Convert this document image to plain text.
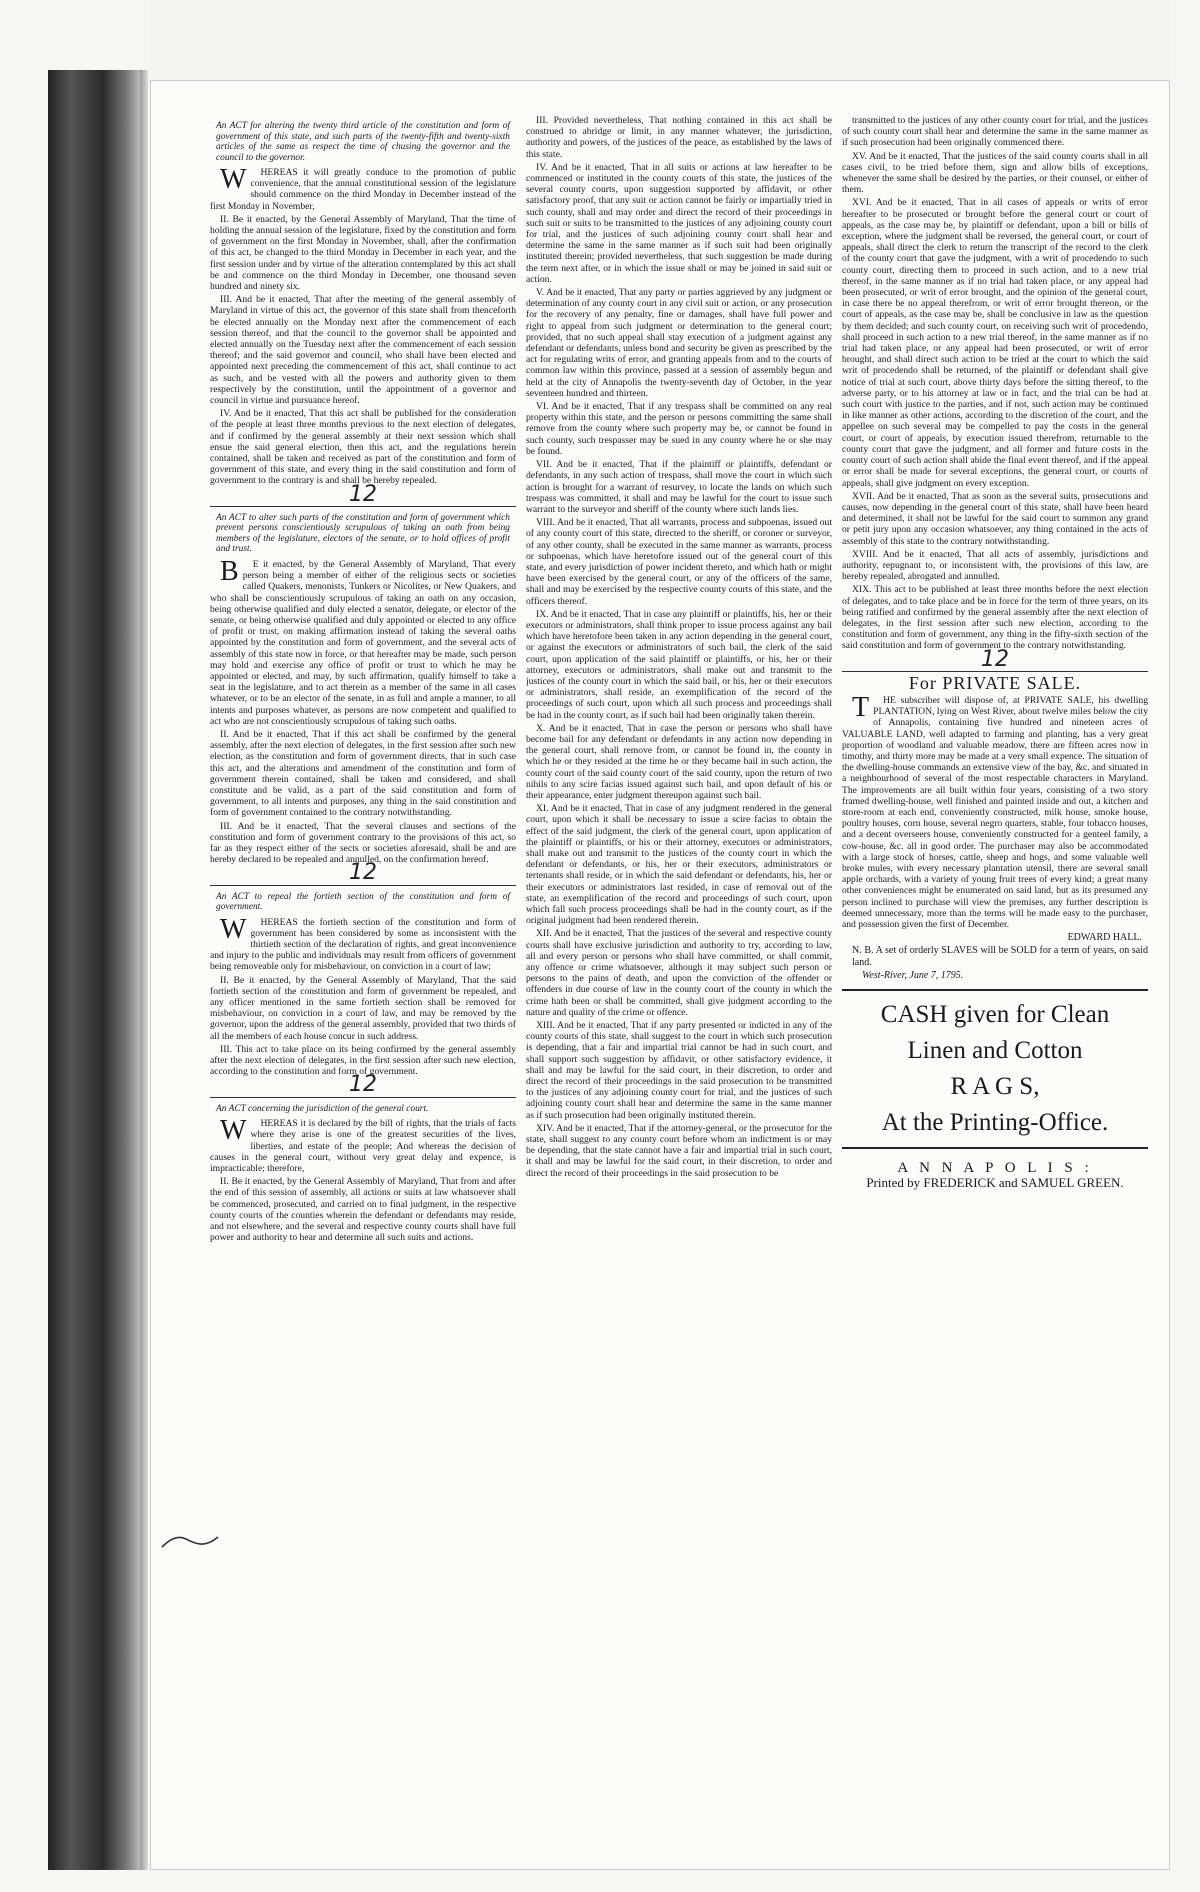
An ACT for altering the twenty third article of the constitution and form of government of this state, and such parts of the twenty-fifth and twenty-sixth articles of the same as respect the time of chusing the governor and the council to the governor.

W HEREAS it will greatly conduce to the promotion of public convenience, that the annual constitutional session of the legislature should commence on the third Monday in December instead of the first Monday in November,

II. Be it enacted, by the General Assembly of Maryland, That the time of holding the annual session of the legislature, fixed by the constitution and form of government on the first Monday in November, shall, after the confirmation of this act, be changed to the third Monday in December in each year, and the first session under and by virtue of the alteration contemplated by this act shall be and commence on the third Monday in December, one thousand seven hundred and ninety six.

III. And be it enacted, That after the meeting of the general assembly of Maryland in virtue of this act, the governor of this state shall from thenceforth be elected annually on the Monday next after the commencement of each session thereof, and that the council to the governor shall be appointed and elected annually on the Tuesday next after the commencement of each session thereof; and the said governor and council, who shall have been elected and appointed next preceding the commencement of this act, shall continue to act as such, and be vested with all the powers and authority given to them respectively by the constitution, until the appointment of a governor and council in virtue and pursuance hereof.

IV. And be it enacted, That this act shall be published for the consideration of the people at least three months previous to the next election of delegates, and if confirmed by the general assembly at their next session which shall ensue the said general election, then this act, and the regulations herein contained, shall be taken and received as part of the constitution and form of government of this state, and every thing in the said constitution and form of government to the contrary is and shall be hereby repealed.

12

An ACT to alter such parts of the constitution and form of government which prevent persons conscientiously scrupulous of taking an oath from being members of the legislature, electors of the senate, or to hold offices of profit and trust.

B E it enacted, by the General Assembly of Maryland, That every person being a member of either of the religious sects or societies called Quakers, menonists, Tunkers or Nicolites, or New Quakers, and who shall be conscientiously scrupulous of taking an oath on any occasion, being otherwise qualified and duly elected a senator, delegate, or elector of the senate, or being otherwise qualified and duly appointed or elected to any office of profit or trust, on making affirmation instead of taking the several oaths appointed by the constitution and form of government, and the several acts of assembly of this state now in force, or that hereafter may be made, such person may hold and exercise any office of profit or trust to which he may be appointed or elected, and may, by such affirmation, qualify himself to take a seat in the legislature, and to act therein as a member of the same in all cases whatever, or to be an elector of the senate, in as full and ample a manner, to all intents and purposes whatever, as persons are now competent and qualified to act who are not conscientiously scrupulous of taking such oaths.

II. And be it enacted, That if this act shall be confirmed by the general assembly, after the next election of delegates, in the first session after such new election, as the constitution and form of government directs, that in such case this act, and the alterations and amendment of the constitution and form of government therein contained, shall be taken and considered, and shall constitute and be valid, as a part of the said constitution and form of government, to all intents and purposes, any thing in the said constitution and form of government contained to the contrary notwithstanding.

III. And be it enacted, That the several clauses and sections of the constitution and form of government contrary to the provisions of this act, so far as they respect either of the sects or societies aforesaid, shall be and are hereby declared to be repealed and annulled, on the confirmation hereof.

12

An ACT to repeal the fortieth section of the constitution and form of government.

W HEREAS the fortieth section of the constitution and form of government has been considered by some as inconsistent with the thirtieth section of the declaration of rights, and great inconvenience and injury to the public and individuals may result from officers of government being removeable only for misbehaviour, on conviction in a court of law;

II. Be it enacted, by the General Assembly of Maryland, That the said fortieth section of the constitution and form of government be repealed, and any officer mentioned in the same fortieth section shall be removed for misbehaviour, on conviction in a court of law, and may be removed by the governor, upon the address of the general assembly, provided that two thirds of all the members of each house concur in such address.

III. This act to take place on its being confirmed by the general assembly after the next election of delegates, in the first session after such new election, according to the constitution and form of government.

12

An ACT concerning the jurisdiction of the general court.

W HEREAS it is declared by the bill of rights, that the trials of facts where they arise is one of the greatest securities of the lives, liberties, and estate of the people; And whereas the decision of causes in the general court, without very great delay and expence, is impracticable; therefore,

II. Be it enacted, by the General Assembly of Maryland, That from and after the end of this session of assembly, all actions or suits at law whatsoever shall be commenced, prosecuted, and carried on to final judgment, in the respective county courts of the counties wherein the defendant or defendants may reside, and not elsewhere, and the several and respective county courts shall have full power and authority to hear and determine all such suits and actions.

III. Provided nevertheless, That nothing contained in this act shall be construed to abridge or limit, in any manner whatever, the jurisdiction, authority and powers, of the justices of the peace, as established by the laws of this state.

IV. And be it enacted, That in all suits or actions at law hereafter to be commenced or instituted in the county courts of this state, the justices of the several county courts, upon suggestion supported by affidavit, or other satisfactory proof, that any suit or action cannot be fairly or impartially tried in such county, shall and may order and direct the record of their proceedings in such suit or suits to be transmitted to the justices of any adjoining county court for trial, and the justices of such adjoining county court shall hear and determine the same in the same manner as if such suit had been originally instituted therein; provided nevertheless, that such suggestion be made during the term next after, or in which the issue shall or may be joined in said suit or action.

V. And be it enacted, That any party or parties aggrieved by any judgment or determination of any county court in any civil suit or action, or any prosecution for the recovery of any penalty, fine or damages, shall have full power and right to appeal from such judgment or determination to the general court; provided, that no such appeal shall stay execution of a judgment against any defendant or defendants, unless bond and security be given as prescribed by the act for regulating writs of error, and granting appeals from and to the courts of common law within this province, passed at a session of assembly begun and held at the city of Annapolis the twenty-seventh day of October, in the year seventeen hundred and thirteen.

VI. And be it enacted, That if any trespass shall be committed on any real property within this state, and the person or persons committing the same shall remove from the county where such property may be, or cannot be found in such county, such trespasser may be sued in any county where he or she may be found.

VII. And be it enacted, That if the plaintiff or plaintiffs, defendant or defendants, in any such action of trespass, shall move the court in which such action is brought for a warrant of resurvey, to locate the lands on which such trespass was committed, it shall and may be lawful for the court to issue such warrant to the surveyor and sheriff of the county where such lands lies.

VIII. And be it enacted, That all warrants, process and subpoenas, issued out of any county court of this state, directed to the sheriff, or coroner or surveyor, of any other county, shall be executed in the same manner as warrants, process or subpoenas, which have heretofore issued out of the general court of this state, and every jurisdiction of power incident thereto, and which hath or might have been exercised by the general court, or any of the officers of the same, shall and may be exercised by the respective county courts of this state, and the officers thereof.

IX. And be it enacted, That in case any plaintiff or plaintiffs, his, her or their executors or administrators, shall think proper to issue process against any bail which have heretofore been taken in any action depending in the general court, or against the executors or administrators of such bail, the clerk of the said court, upon application of the said plaintiff or plaintiffs, or his, her or their attorney, executors or administrators, shall make out and transmit to the justices of the county court in which the said bail, or his, her or their executors or administrators, shall reside, an exemplification of the record of the proceedings of such court, upon which all such process and proceedings shall be had in the county court, as if such bail had been originally taken therein.

X. And be it enacted, That in case the person or persons who shall have become bail for any defendant or defendants in any action now depending in the general court, shall remove from, or cannot be found in, the county in which he or they resided at the time he or they became bail in such action, the county court of the said county court of the said county, upon the return of two nihils to any scire facias issued against such bail, and upon default of his or their appearance, enter judgment thereupon against such bail.

XI. And be it enacted, That in case of any judgment rendered in the general court, upon which it shall be necessary to issue a scire facias to obtain the effect of the said judgment, the clerk of the general court, upon application of the plaintiff or plaintiffs, or his or their attorney, executors or administrators, shall make out and transmit to the justices of the county court in which the defendant or defendants, or his, her or their executors, administrators or tertenants shall reside, or in which the said defendant or defendants, his, her or their executors or administrators last resided, in case of removal out of the state, an exemplification of the record and proceedings of such court, upon which fall such process proceedings shall be had in the county court, as if the original judgment had been rendered therein.

XII. And be it enacted, That the justices of the several and respective county courts shall have exclusive jurisdiction and authority to try, according to law, all and every person or persons who shall have committed, or shall commit, any offence or crime whatsoever, although it may subject such person or persons to the pains of death, and upon the conviction of the offender or offenders in due course of law in the county court of the county in which the crime hath been or shall be committed, shall give judgment according to the nature and quality of the crime or offence.

XIII. And be it enacted, That if any party presented or indicted in any of the county courts of this state, shall suggest to the court in which such prosecution is depending, that a fair and impartial trial cannot be had in such court, and shall support such suggestion by affidavit, or other satisfactory evidence, it shall and may be lawful for the said court, in their discretion, to order and direct the record of their proceedings in the said prosecution to be transmitted to the justices of any adjoining county court for trial, and the justices of such adjoining county court shall hear and determine the same in the same manner as if such prosecution had been originally instituted therein.

XIV. And be it enacted, That if the attorney-general, or the prosecutor for the state, shall suggest to any county court before whom an indictment is or may be depending, that the state cannot have a fair and impartial trial in such court, it shall and may be lawful for the said court, in their discretion, to order and direct the record of their proceedings in the said prosecution to be

transmitted to the justices of any other county court for trial, and the justices of such county court shall hear and determine the same in the same manner as if such prosecution had been originally commenced there.

XV. And be it enacted, That the justices of the said county courts shall in all cases civil, to be tried before them, sign and allow bills of exceptions, whenever the same shall be desired by the parties, or their counsel, or either of them.

XVI. And be it enacted, That in all cases of appeals or writs of error hereafter to be prosecuted or brought before the general court or court of appeals, as the case may be, by plaintiff or defendant, upon a bill or bills of exception, where the judgment shall be reversed, the general court, or court of appeals, shall direct the clerk to return the transcript of the record to the clerk of the county court that gave the judgment, with a writ of procedendo to such county court, directing them to proceed in such action, and to a new trial thereof, in the same manner as if no trial had taken place, or any appeal had been prosecuted, or writ of error brought, and the opinion of the general court, in case there be no appeal therefrom, or writ of error brought thereon, or the court of appeals, as the case may be, shall be conclusive in law as the question by them decided; and such county court, on receiving such writ of procedendo, shall proceed in such action to a new trial thereof, in the same manner as if no trial had taken place, or any appeal had been prosecuted, or writ of error brought, and shall direct such action to be tried at the court to which the said writ of procedendo shall be returned, of the plaintiff or defendant shall give notice of trial at such court, above thirty days before the sitting thereof, to the adverse party, or to his attorney at law or in fact, and the trial can be had at such court with justice to the parties, and if not, such action may be continued in like manner as other actions, according to the discretion of the court, and the appellee on such several may be compelled to pay the costs in the general court, or court of appeals, by execution issued therefrom, returnable to the county court that gave the judgment, and all former and future costs in the county court of such action shall abide the final event thereof, and if the appeal or error shall be made for several exceptions, the general court, or courts of appeals, shall give judgment on every exception.

XVII. And be it enacted, That as soon as the several suits, prosecutions and causes, now depending in the general court of this state, shall have been heard and determined, it shall not be lawful for the said court to summon any grand or petit jury upon any occasion whatsoever, any thing contained in the acts of assembly of this state to the contrary notwithstanding.

XVIII. And be it enacted, That all acts of assembly, jurisdictions and authority, repugnant to, or inconsistent with, the provisions of this law, are hereby repealed, abrogated and annulled.

XIX. This act to be published at least three months before the next election of delegates, and to take place and be in force for the term of three years, on its being ratified and confirmed by the general assembly after the next election of delegates, in the first session after such new election, according to the constitution and form of government, any thing in the fifty-sixth section of the said constitution and form of government to the contrary notwithstanding.

12
For PRIVATE SALE.

T HE subscriber will dispose of, at PRIVATE SALE, his dwelling PLANTATION, lying on West River, about twelve miles below the city of Annapolis, containing five hundred and nineteen acres of VALUABLE LAND, well adapted to farming and planting, has a very great proportion of woodland and valuable meadow, there are fifteen acres now in timothy, and thirty more may be made at a very small expence. The situation of the dwelling-house commands an extensive view of the bay, &c. and situated in a neighbourhood of several of the most respectable characters in Maryland. The improvements are all built within four years, consisting of a two story framed dwelling-house, well finished and painted inside and out, a kitchen and store-room at each end, conveniently constructed, milk house, smoke house, poultry houses, corn house, several negro quarters, stable, four tobacco houses, and a decent overseers house, conveniently constructed for a genteel family, a cow-house, &c. all in good order. The purchaser may also be accommodated with a large stock of horses, cattle, sheep and hogs, and some valuable well broke mules, with every necessary plantation utensil, there are several small apple orchards, with a variety of young fruit trees of every kind; a great many other conveniences might be enumerated on said land, but as its presumed any person inclined to purchase will view the premises, any further description is deemed unnecessary, more than the terms will be made easy to the purchaser, and possession given the first of December.

EDWARD HALL.
N. B. A set of orderly SLAVES will be SOLD for a term of years, on said land.
West-River, June 7, 1795.
CASH given for Clean
Linen and Cotton
R A G S,
At the Printing-Office.
A N N A P O L I S :
Printed by FREDERICK and SAMUEL GREEN.
